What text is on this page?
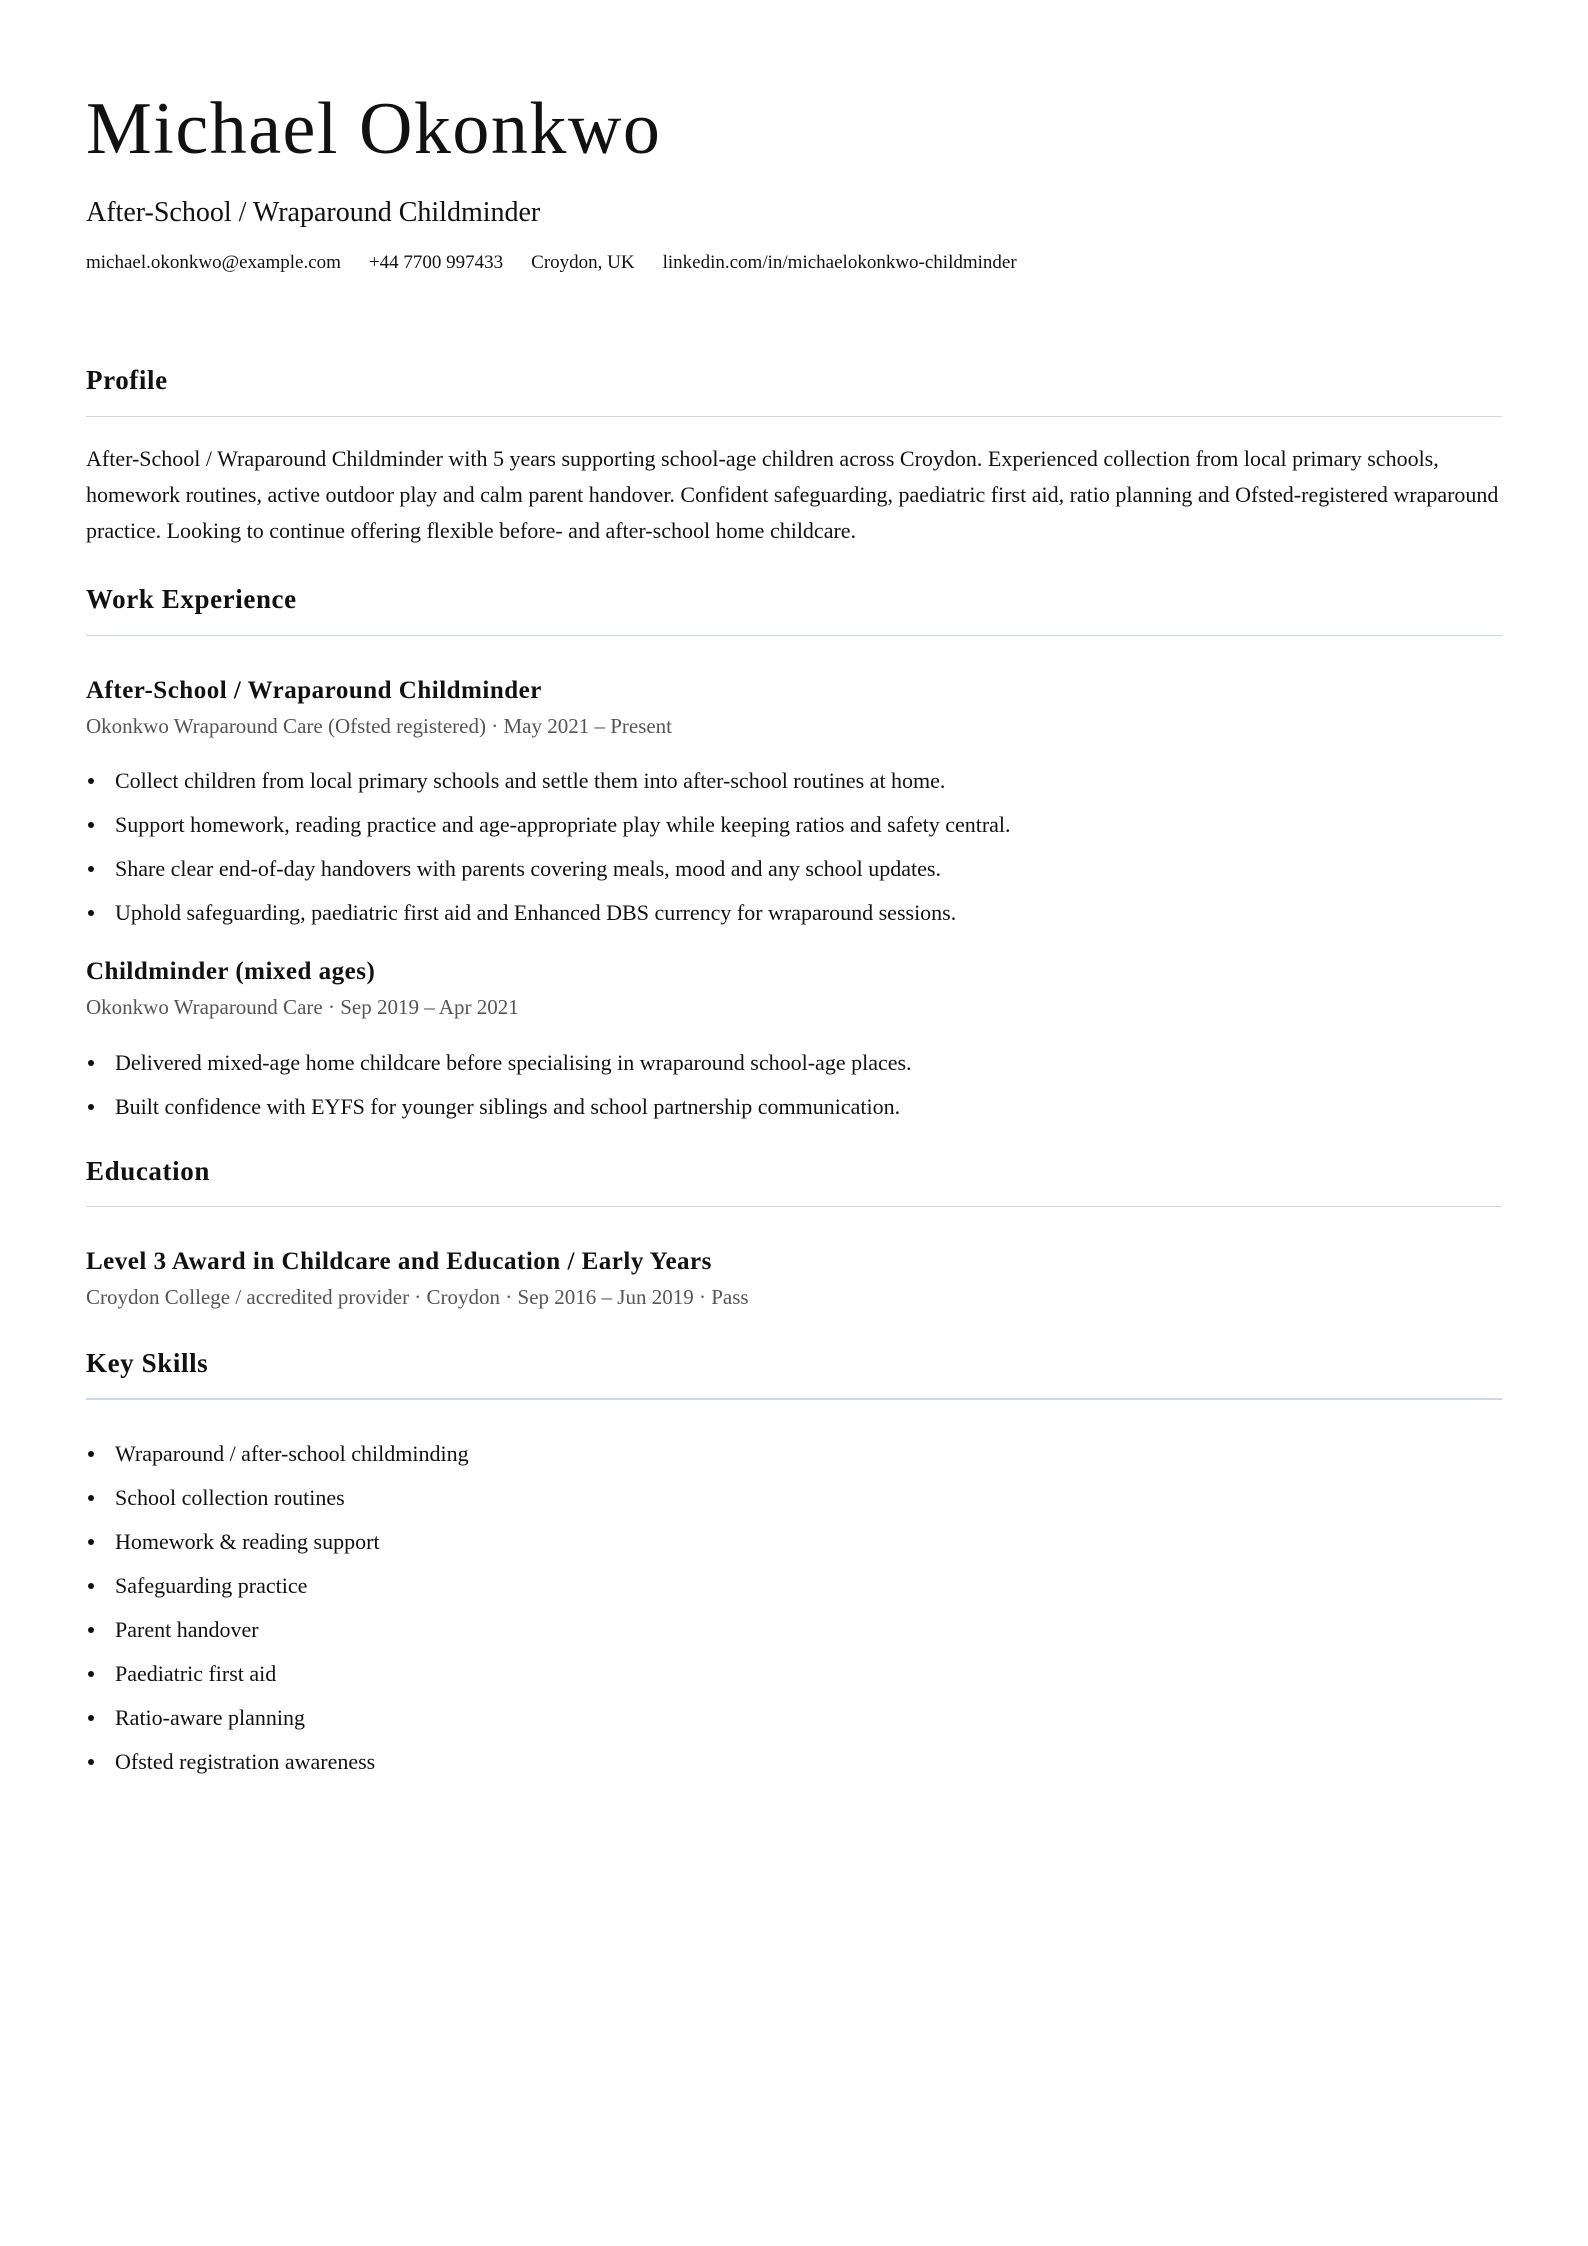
Michael Okonkwo
After-School / Wraparound Childminder
michael.okonkwo@example.com +44 7700 997433 Croydon, UK linkedin.com/in/michaelokonkwo-childminder
Profile

After-School / Wraparound Childminder with 5 years supporting school-age children across Croydon. Experienced collection from local primary schools, homework routines, active outdoor play and calm parent handover. Confident safeguarding, paediatric first aid, ratio planning and Ofsted-registered wraparound practice. Looking to continue offering flexible before- and after-school home childcare.

Work Experience
After-School / Wraparound Childminder
Okonkwo Wraparound Care (Ofsted registered) · May 2021 – Present
Collect children from local primary schools and settle them into after-school routines at home.
Support homework, reading practice and age-appropriate play while keeping ratios and safety central.
Share clear end-of-day handovers with parents covering meals, mood and any school updates.
Uphold safeguarding, paediatric first aid and Enhanced DBS currency for wraparound sessions.
Childminder (mixed ages)
Okonkwo Wraparound Care · Sep 2019 – Apr 2021
Delivered mixed-age home childcare before specialising in wraparound school-age places.
Built confidence with EYFS for younger siblings and school partnership communication.
Education
Level 3 Award in Childcare and Education / Early Years
Croydon College / accredited provider · Croydon · Sep 2016 – Jun 2019 · Pass
Key Skills
Wraparound / after-school childminding
School collection routines
Homework & reading support
Safeguarding practice
Parent handover
Paediatric first aid
Ratio-aware planning
Ofsted registration awareness
